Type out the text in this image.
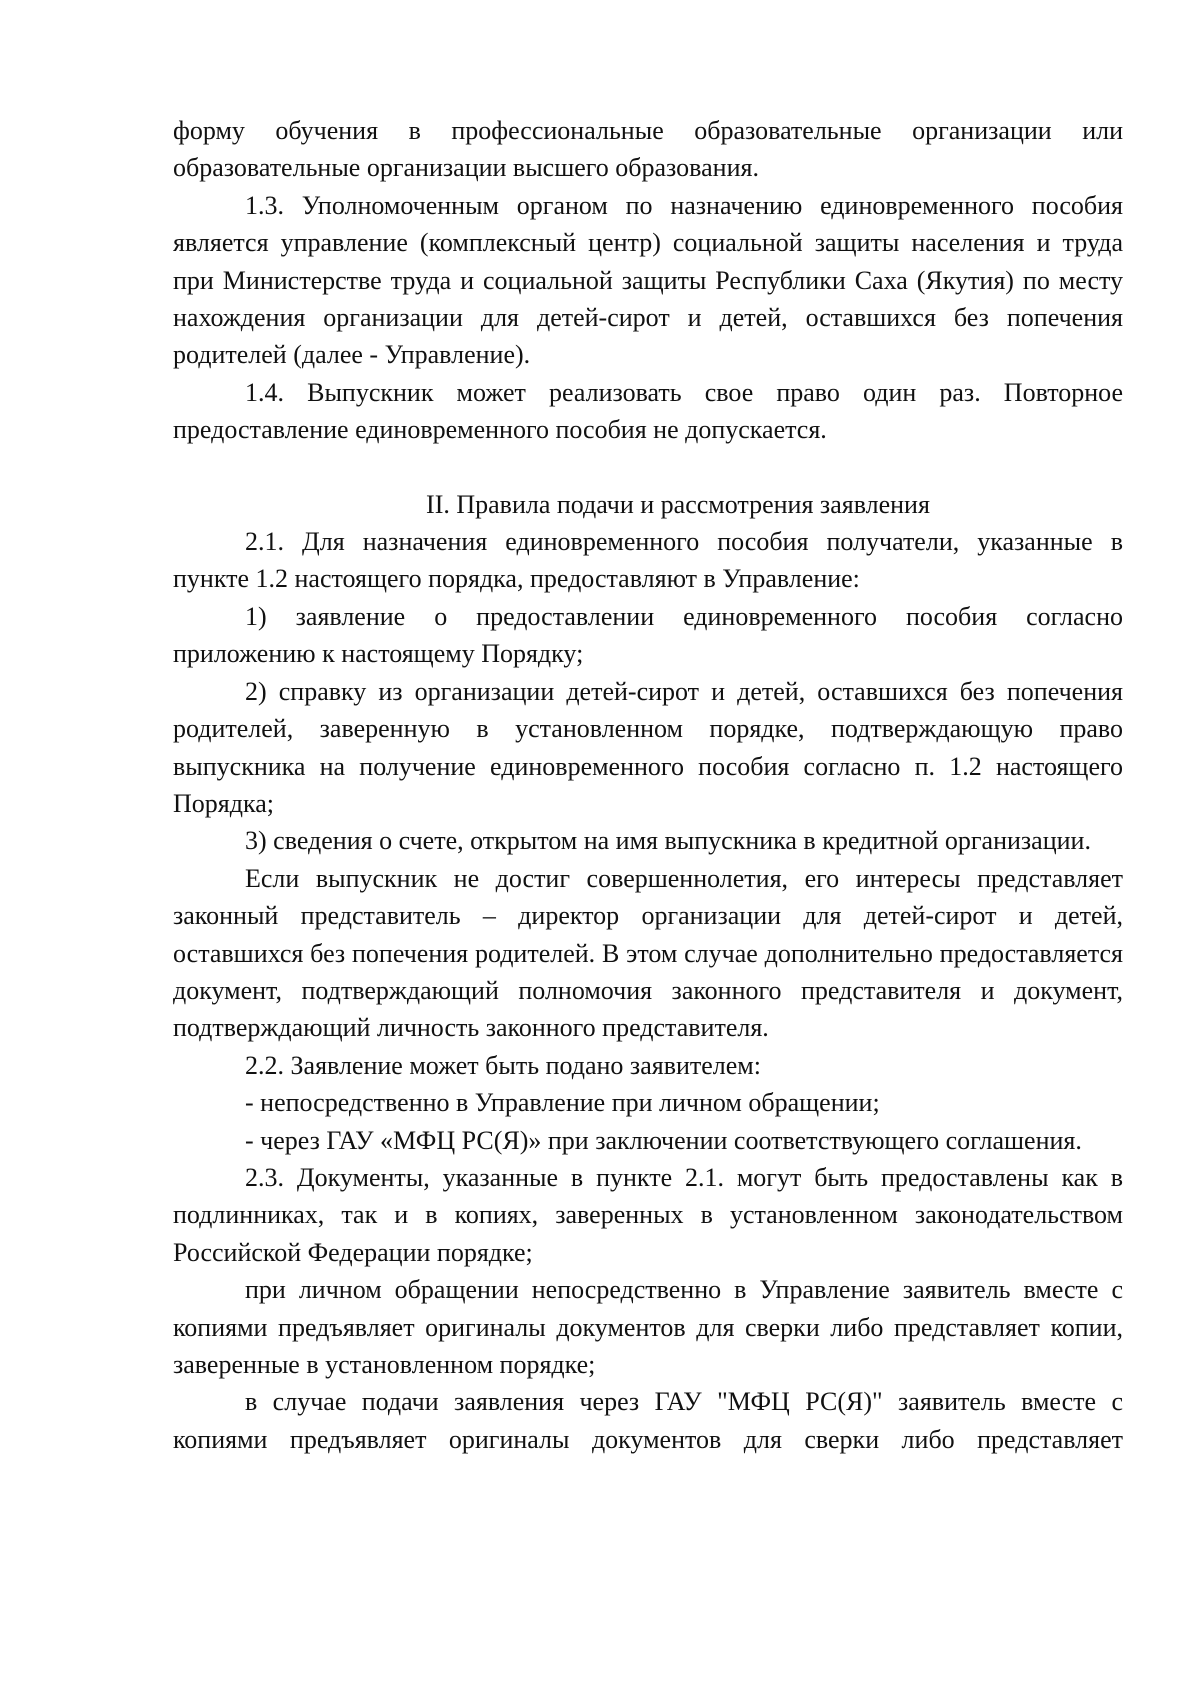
форму обучения в профессиональные образовательные организации или образовательные организации высшего образования.

1.3. Уполномоченным органом по назначению единовременного пособия является управление (комплексный центр) социальной защиты населения и труда при Министерстве труда и социальной защиты Республики Саха (Якутия) по месту нахождения организации для детей-сирот и детей, оставшихся без попечения родителей (далее - Управление).

1.4. Выпускник может реализовать свое право один раз. Повторное предоставление единовременного пособия не допускается.

II. Правила подачи и рассмотрения заявления

2.1. Для назначения единовременного пособия получатели, указанные в пункте 1.2 настоящего порядка, предоставляют в Управление:

1) заявление о предоставлении единовременного пособия согласно приложению к настоящему Порядку;

2) справку из организации детей-сирот и детей, оставшихся без попечения родителей, заверенную в установленном порядке, подтверждающую право выпускника на получение единовременного пособия согласно п. 1.2 настоящего Порядка;

3) сведения о счете, открытом на имя выпускника в кредитной организации.

Если выпускник не достиг совершеннолетия, его интересы представляет законный представитель – директор организации для детей-сирот и детей, оставшихся без попечения родителей. В этом случае дополнительно предоставляется документ, подтверждающий полномочия законного представителя и документ, подтверждающий личность законного представителя.

2.2. Заявление может быть подано заявителем:

- непосредственно в Управление при личном обращении;

- через ГАУ «МФЦ РС(Я)» при заключении соответствующего соглашения.

2.3. Документы, указанные в пункте 2.1. могут быть предоставлены как в подлинниках, так и в копиях, заверенных в установленном законодательством Российской Федерации порядке;

при личном обращении непосредственно в Управление заявитель вместе с копиями предъявляет оригиналы документов для сверки либо представляет копии, заверенные в установленном порядке;

в случае подачи заявления через ГАУ "МФЦ РС(Я)" заявитель вместе с копиями предъявляет оригиналы документов для сверки либо представляет
